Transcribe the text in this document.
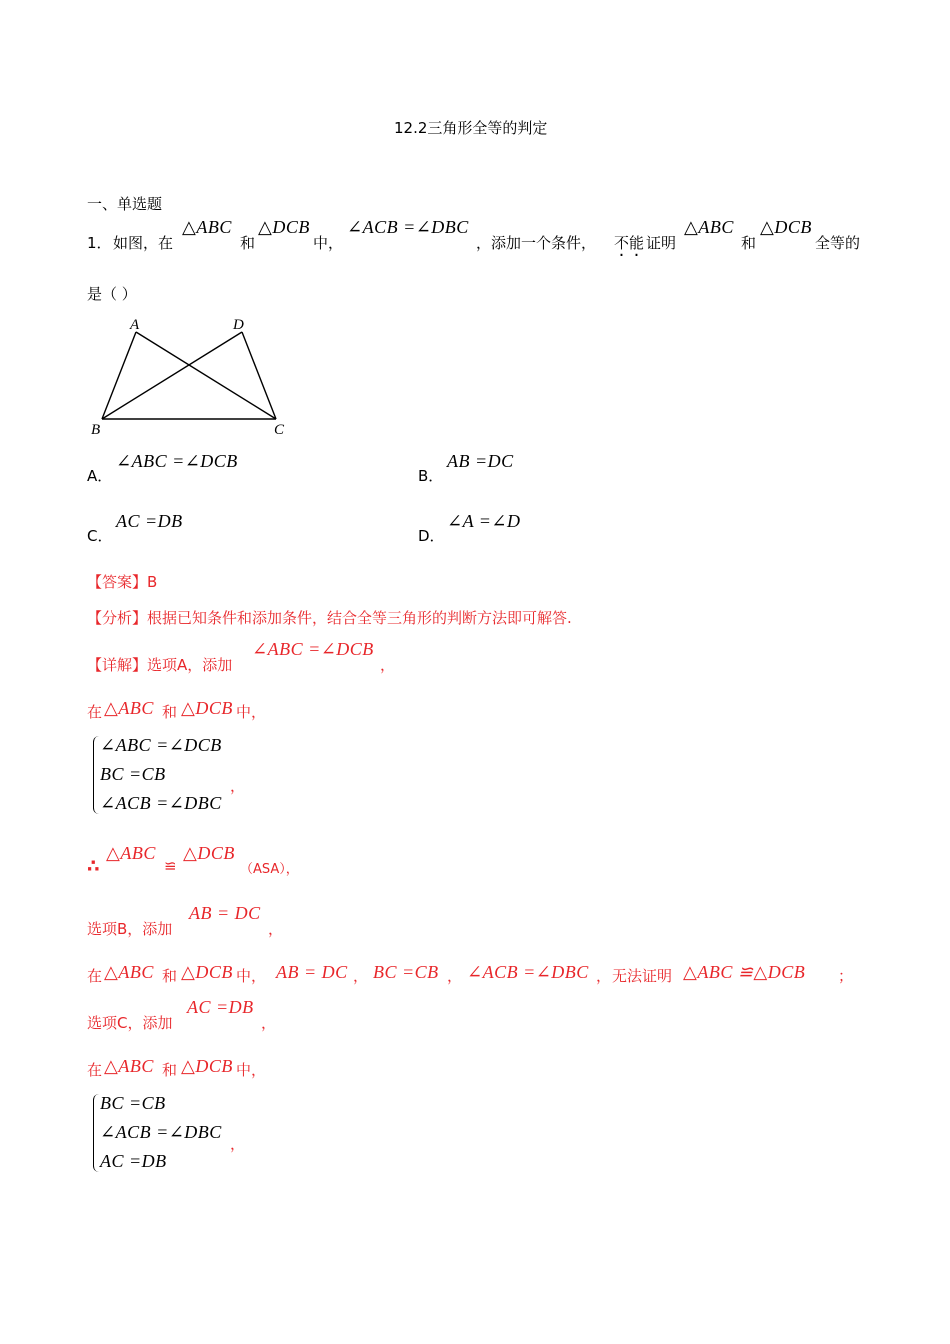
12.2三角形全等的判定
一、单选题
1． 如图，在
△ABC
和
△DCB
中，
∠ACB =∠DBC
，添加一个条件， 不能 证明
△ABC
和
△DCB
全等的
是（ ）
A	D
B	C
A．
∠ABC =∠DCB
B．
AB =DC
C．
AC =DB
D．
∠A =∠D
【答案】B
【分析】根据已知条件和添加条件，结合全等三角形的判断方法即可解答.
【详解】选项A，添加
∠ABC =∠DCB
，
在 △ABC 和 △DCB 中，
∠ABC =∠DCB
BC =CB
∠ACB =∠DBC
，
∴
△ABC
≌
△DCB
（ASA），
选项B，添加
AB = DC
，
在 △ABC 和 △DCB 中， AB = DC ， BC =CB ， ∠ACB =∠DBC ， 无法证明 △ABC ≌△DCB ；
选项C，添加
AC =DB
，
在 △ABC 和 △DCB 中，
BC =CB
∠ACB =∠DBC
AC =DB
，
